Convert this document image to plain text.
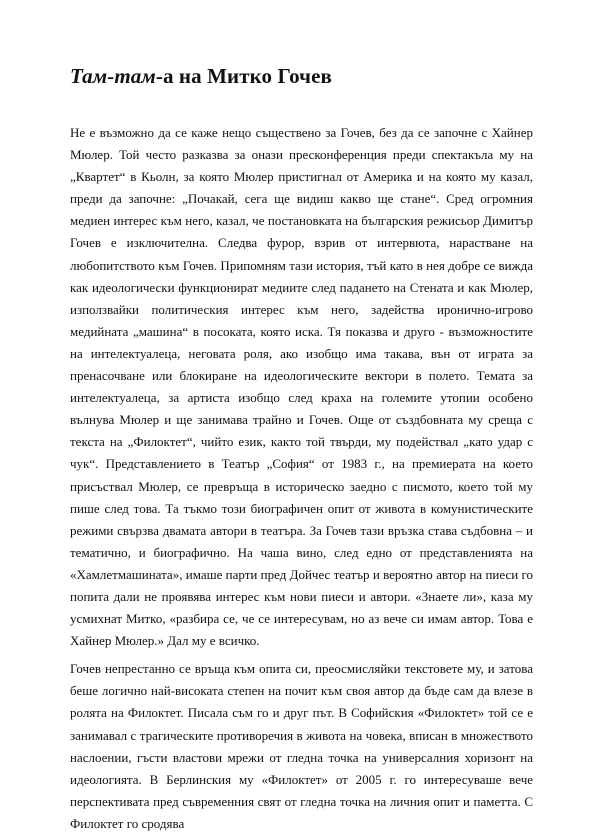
Там-там-а на Митко Гочев

Не е възможно да се каже нещо съществено за Гочев, без да се започне с Хайнер Мюлер. Той често разказва за онази пресконференция преди спектакъла му на „Квартет“ в Кьолн, за която Мюлер пристигнал от Америка и на която му казал, преди да започне: „Почакай, сега ще видиш какво ще стане“. Сред огромния медиен интерес към него, казал, че постановката на българския режисьор Димитър Гочев е изключителна. Следва фурор, взрив от интервюта, нарастване на любопитството към Гочев. Припомням тази история, тъй като в нея добре се вижда как идеологически функционират медиите след падането на Стената и как Мюлер, използвайки политическия интерес към него, задейства иронично-игрово медийната „машина“ в посоката, която иска. Тя показва и друго - възможностите на интелектуалеца, неговата роля, ако изобщо има такава, вън от играта за пренасочване или блокиране на идеологическите вектори в полето. Темата за интелектуалеца, за артиста изобщо след краха на големите утопии особено вълнува Мюлер и ще занимава трайно и Гочев. Още от създбовната му среща с текста на „Филоктет“, чийто език, както той твърди, му подействал „като удар с чук“. Представлението в Театър „София“ от 1983 г., на премиерата на което присъствал Мюлер, се превръща в историческо заедно с писмото, което той му пише след това. Та тъкмо този биографичен опит от живота в комунистическите режими свързва двамата автори в театъра. За Гочев тази връзка става съдбовна – и тематично, и биографично. На чаша вино, след едно от представленията на «Хамлетмашината», имаше парти пред Дойчес театър и вероятно автор на пиеси го попита дали не проявява интерес към нови пиеси и автори. «Знаете ли», каза му усмихнат Митко, «разбира се, че се интересувам, но аз вече си имам автор. Това е Хайнер Мюлер.» Дал му е всичко.

Гочев непрестанно се връща към опита си, преосмисляйки текстовете му, и затова беше логично най-високата степен на почит към своя автор да бъде сам да влезе в ролята на Филоктет. Писала съм го и друг път. В Софийския «Филоктет» той се е занимавал с трагическите противоречия в живота на човека, вписан в множеството наслоении, гъсти властови мрежи от гледна точка на универсалния хоризонт на идеологията. В Берлинския му «Филоктет» от 2005 г. го интересуваше вече перспективата пред съвременния свят от гледна точка на личния опит и паметта. С Филоктет го сродява
